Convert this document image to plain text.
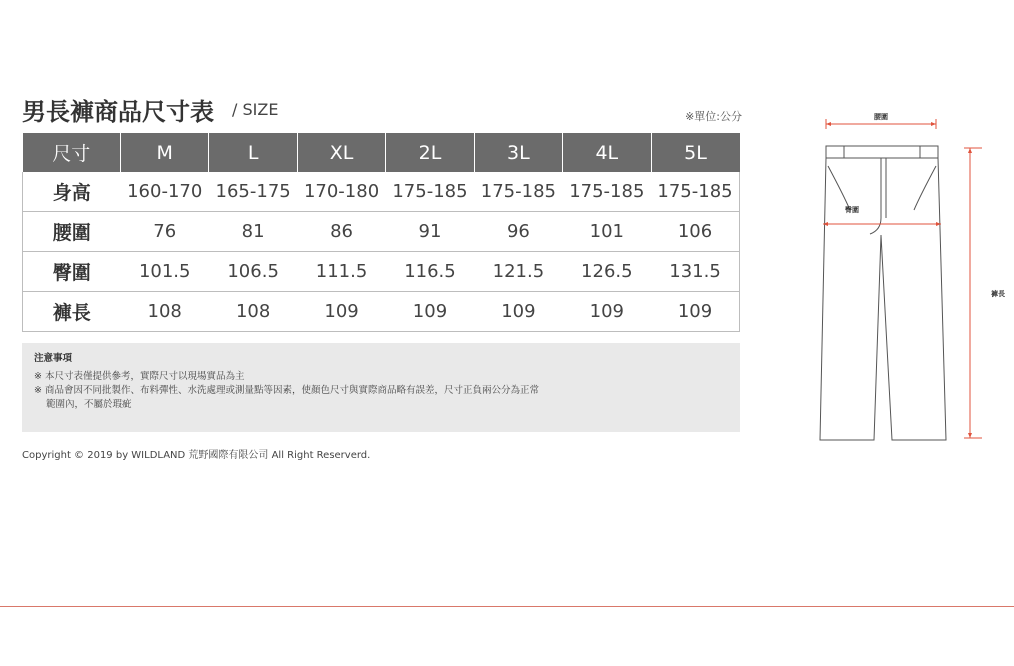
男長褲商品尺寸表 / SIZE	※單位:公分
尺寸	M	L	XL	2L	3L	4L	5L
身高	160-170	165-175	170-180	175-185	175-185	175-185	175-185
腰圍	76	81	86	91	96	101	106
臀圍	101.5	106.5	111.5	116.5	121.5	126.5	131.5
褲長	108	108	109	109	109	109	109
注意事項
※ 本尺寸表僅提供參考，實際尺寸以現場實品為主
※ 商品會因不同批製作、布料彈性、水洗處理或測量點等因素，使顏色尺寸與實際商品略有誤差，尺寸正負兩公分為正常
範圍內，不屬於瑕疵
Copyright © 2019 by WILDLAND 荒野國際有限公司 All Right Reserverd.
腰圍
臀圍
褲長
